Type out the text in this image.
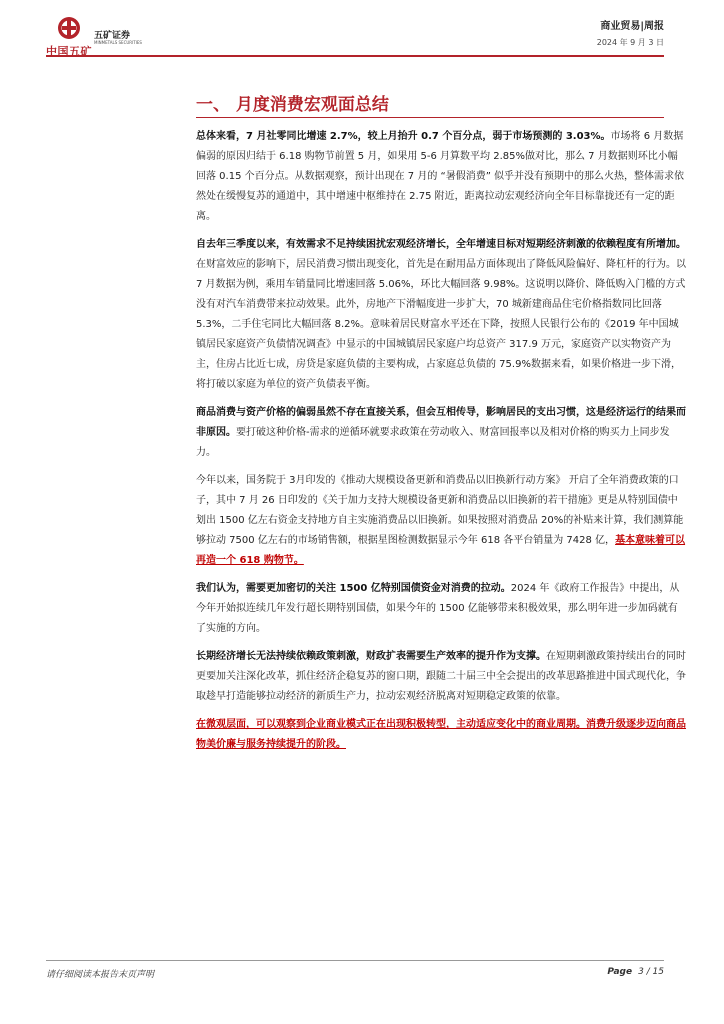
中国五矿
五矿证券
MINMETALS SECURITIES
商业贸易|周报
2024 年 9 月 3 日
一、 月度消费宏观面总结

总体来看，7 月社零同比增速 2.7%，较上月抬升 0.7 个百分点，弱于市场预测的 3.03%。市场将 6 月数据偏弱的原因归结于 6.18 购物节前置 5 月，如果用 5-6 月算数平均 2.85%做对比，那么 7 月数据则环比小幅回落 0.15 个百分点。从数据观察，预计出现在 7 月的 “暑假消费” 似乎并没有预期中的那么火热，整体需求依然处在缓慢复苏的通道中，其中增速中枢维持在 2.75 附近，距离拉动宏观经济向全年目标靠拢还有一定的距离。

自去年三季度以来，有效需求不足持续困扰宏观经济增长，全年增速目标对短期经济刺激的依赖程度有所增加。在财富效应的影响下，居民消费习惯出现变化，首先是在耐用品方面体现出了降低风险偏好、降杠杆的行为。以 7 月数据为例，乘用车销量同比增速回落 5.06%，环比大幅回落 9.98%。这说明以降价、降低购入门槛的方式没有对汽车消费带来拉动效果。此外，房地产下滑幅度进一步扩大，70 城新建商品住宅价格指数同比回落 5.3%，二手住宅同比大幅回落 8.2%。意味着居民财富水平还在下降，按照人民银行公布的《2019 年中国城镇居民家庭资产负债情况调查》中显示的中国城镇居民家庭户均总资产 317.9 万元，家庭资产以实物资产为主，住房占比近七成，房贷是家庭负债的主要构成，占家庭总负债的 75.9%数据来看，如果价格进一步下滑，将打破以家庭为单位的资产负债表平衡。

商品消费与资产价格的偏弱虽然不存在直接关系，但会互相传导，影响居民的支出习惯，这是经济运行的结果而非原因。要打破这种价格-需求的逆循环就要求政策在劳动收入、财富回报率以及相对价格的购买力上同步发力。

今年以来，国务院于 3月印发的《推动大规模设备更新和消费品以旧换新行动方案》 开启了全年消费政策的口子，其中 7 月 26 日印发的《关于加力支持大规模设备更新和消费品以旧换新的若干措施》更是从特别国债中划出 1500 亿左右资金支持地方自主实施消费品以旧换新。如果按照对消费品 20%的补贴来计算，我们测算能够拉动 7500 亿左右的市场销售额，根据星图检测数据显示今年 618 各平台销量为 7428 亿，基本意味着可以再造一个 618 购物节。

我们认为，需要更加密切的关注 1500 亿特别国债资金对消费的拉动。2024 年《政府工作报告》中提出，从今年开始拟连续几年发行超长期特别国债，如果今年的 1500 亿能够带来积极效果，那么明年进一步加码就有了实施的方向。

长期经济增长无法持续依赖政策刺激，财政扩表需要生产效率的提升作为支撑。在短期刺激政策持续出台的同时更要加关注深化改革，抓住经济企稳复苏的窗口期，跟随二十届三中全会提出的改革思路推进中国式现代化，争取趁早打造能够拉动经济的新质生产力，拉动宏观经济脱离对短期稳定政策的依靠。

在微观层面，可以观察到企业商业模式正在出现积极转型，主动适应变化中的商业周期。消费升级逐步迈向商品物美价廉与服务持续提升的阶段。

请仔细阅读本报告末页声明	Page 3 / 15
